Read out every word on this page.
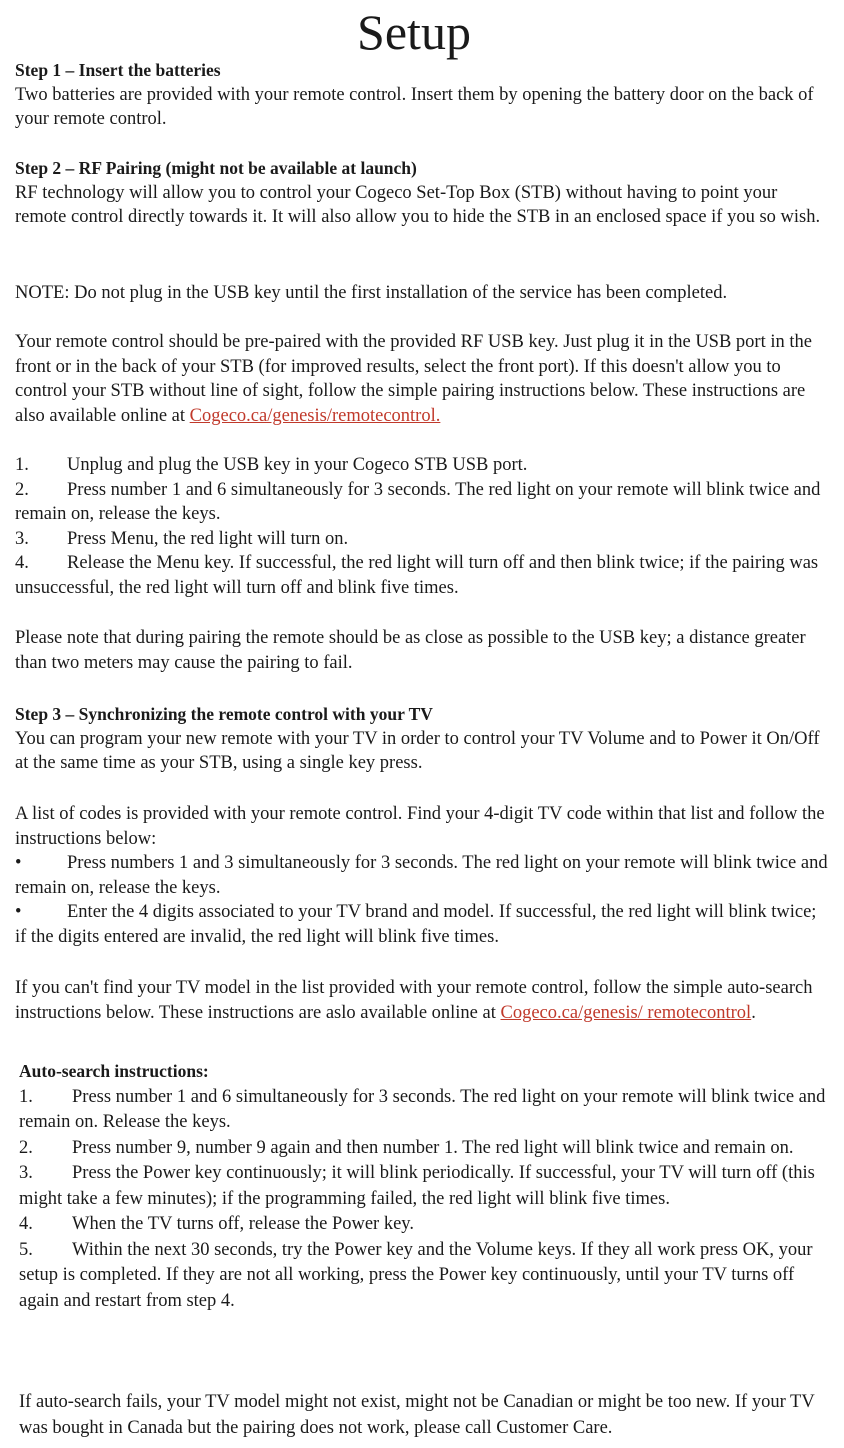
Setup

Step 1 – Insert the batteries

Two batteries are provided with your remote control. Insert them by opening the battery door on the back of your remote control.

Step 2 – RF Pairing (might not be available at launch)

RF technology will allow you to control your Cogeco Set-Top Box (STB) without having to point your remote control directly towards it. It will also allow you to hide the STB in an enclosed space if you so wish.

NOTE: Do not plug in the USB key until the first installation of the service has been completed.

Your remote control should be pre-paired with the provided RF USB key. Just plug it in the USB port in the front or in the back of your STB (for improved results, select the front port). If this doesn't allow you to control your STB without line of sight, follow the simple pairing instructions below. These instructions are also available online at Cogeco.ca/genesis/remotecontrol.

1. Unplug and plug the USB key in your Cogeco STB USB port.

2. Press number 1 and 6 simultaneously for 3 seconds. The red light on your remote will blink twice and remain on, release the keys.

3. Press Menu, the red light will turn on.

4. Release the Menu key. If successful, the red light will turn off and then blink twice; if the pairing was unsuccessful, the red light will turn off and blink five times.

Please note that during pairing the remote should be as close as possible to the USB key; a distance greater than two meters may cause the pairing to fail.

Step 3 – Synchronizing the remote control with your TV

You can program your new remote with your TV in order to control your TV Volume and to Power it On/Off at the same time as your STB, using a single key press.

A list of codes is provided with your remote control. Find your 4-digit TV code within that list and follow the instructions below:

• Press numbers 1 and 3 simultaneously for 3 seconds. The red light on your remote will blink twice and remain on, release the keys.

• Enter the 4 digits associated to your TV brand and model. If successful, the red light will blink twice; if the digits entered are invalid, the red light will blink five times.

If you can't find your TV model in the list provided with your remote control, follow the simple auto-search instructions below. These instructions are aslo available online at Cogeco.ca/genesis/ remotecontrol.

Auto-search instructions:

1. Press number 1 and 6 simultaneously for 3 seconds. The red light on your remote will blink twice and remain on. Release the keys.

2. Press number 9, number 9 again and then number 1. The red light will blink twice and remain on.

3. Press the Power key continuously; it will blink periodically. If successful, your TV will turn off (this might take a few minutes); if the programming failed, the red light will blink five times.

4. When the TV turns off, release the Power key.

5. Within the next 30 seconds, try the Power key and the Volume keys. If they all work press OK, your setup is completed. If they are not all working, press the Power key continuously, until your TV turns off again and restart from step 4.

If auto-search fails, your TV model might not exist, might not be Canadian or might be too new. If your TV was bought in Canada but the pairing does not work, please call Customer Care.
